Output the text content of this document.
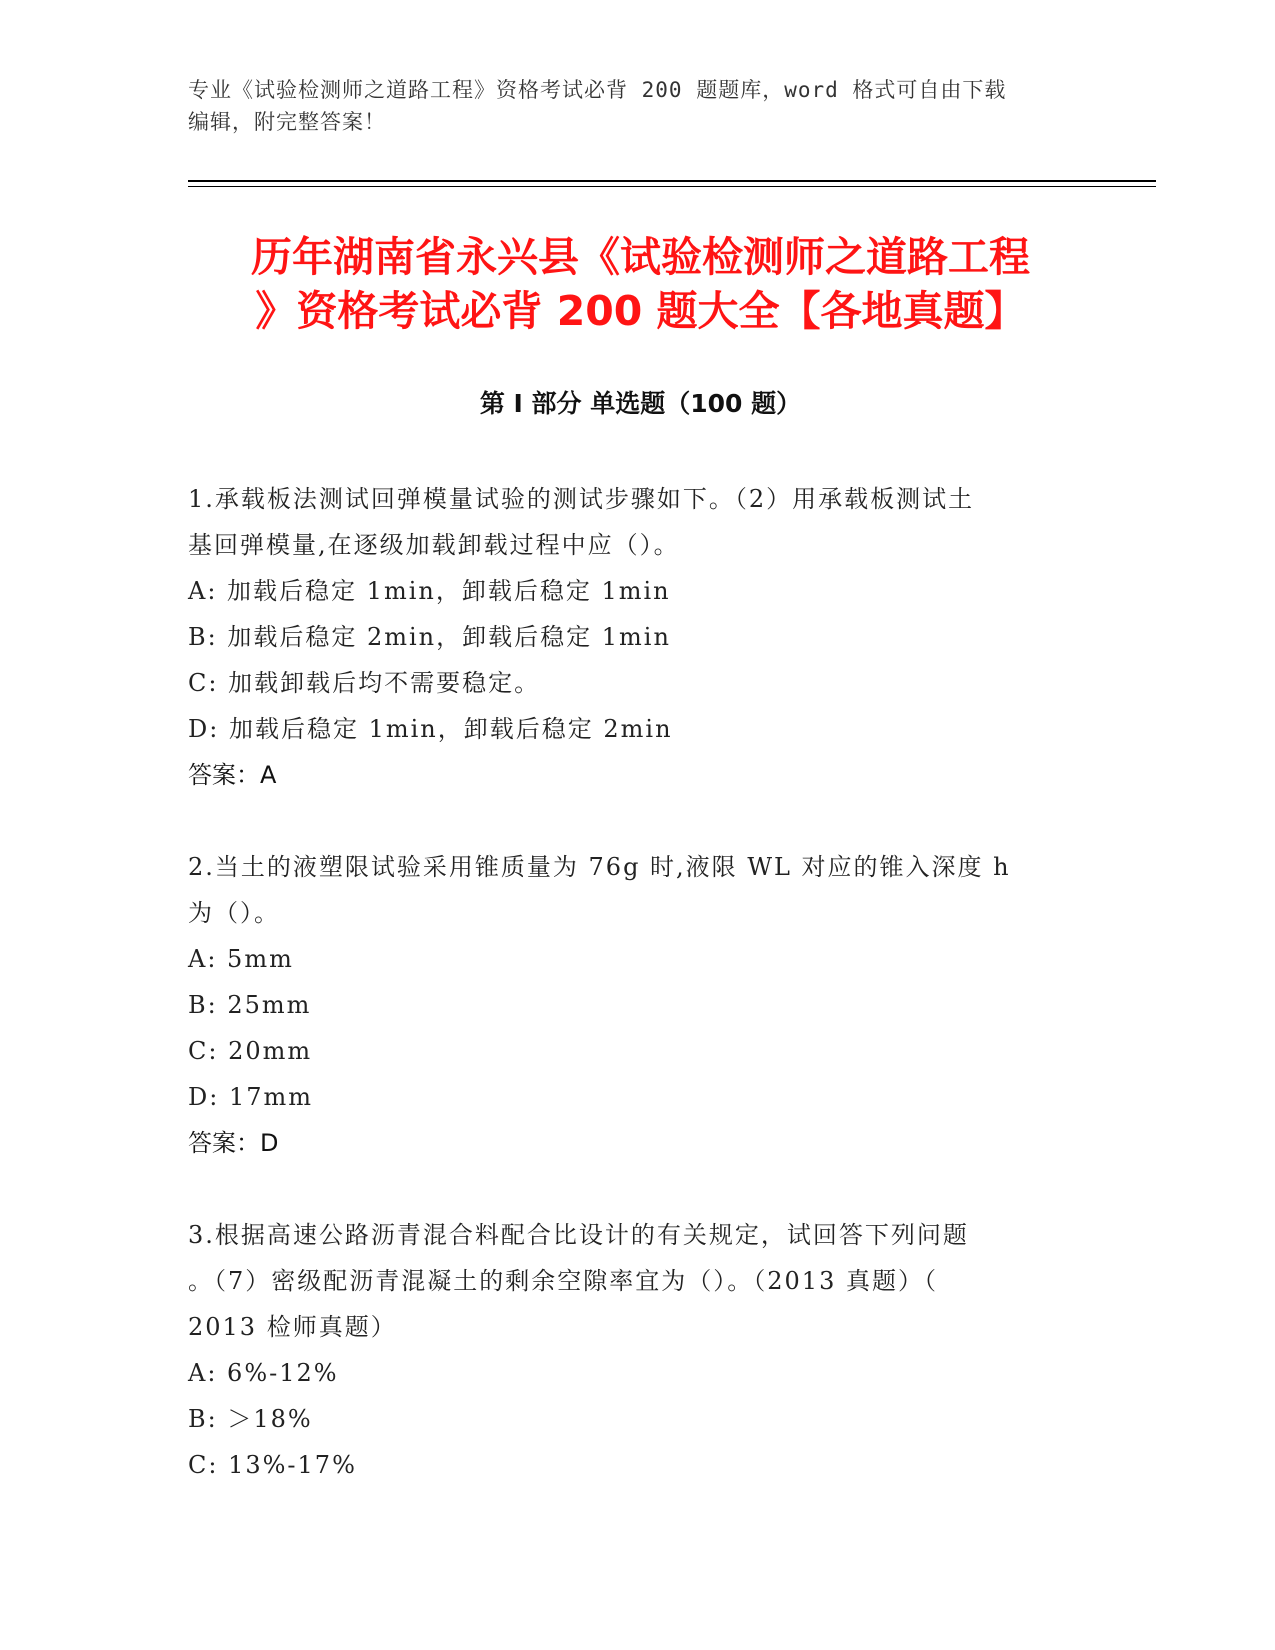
专业《试验检测师之道路工程》资格考试必背 200 题题库，word 格式可自由下载
编辑，附完整答案！
历年湖南省永兴县《试验检测师之道路工程
》资格考试必背 200 题大全【各地真题】
第 I 部分 单选题（100 题）
1.承载板法测试回弹模量试验的测试步骤如下。（2）用承载板测试土
基回弹模量,在逐级加载卸载过程中应（）。
A: 加载后稳定 1min，卸载后稳定 1min
B: 加载后稳定 2min，卸载后稳定 1min
C: 加载卸载后均不需要稳定。
D: 加载后稳定 1min，卸载后稳定 2min
答案：A
2.当土的液塑限试验采用锥质量为 76g 时,液限 WL 对应的锥入深度 h
为（）。
A: 5mm
B: 25mm
C: 20mm
D: 17mm
答案：D
3.根据高速公路沥青混合料配合比设计的有关规定，试回答下列问题
。（7）密级配沥青混凝土的剩余空隙率宜为（）。（2013 真题）（
2013 检师真题）
A: 6%-12%
B: ＞18%
C: 13%-17%
